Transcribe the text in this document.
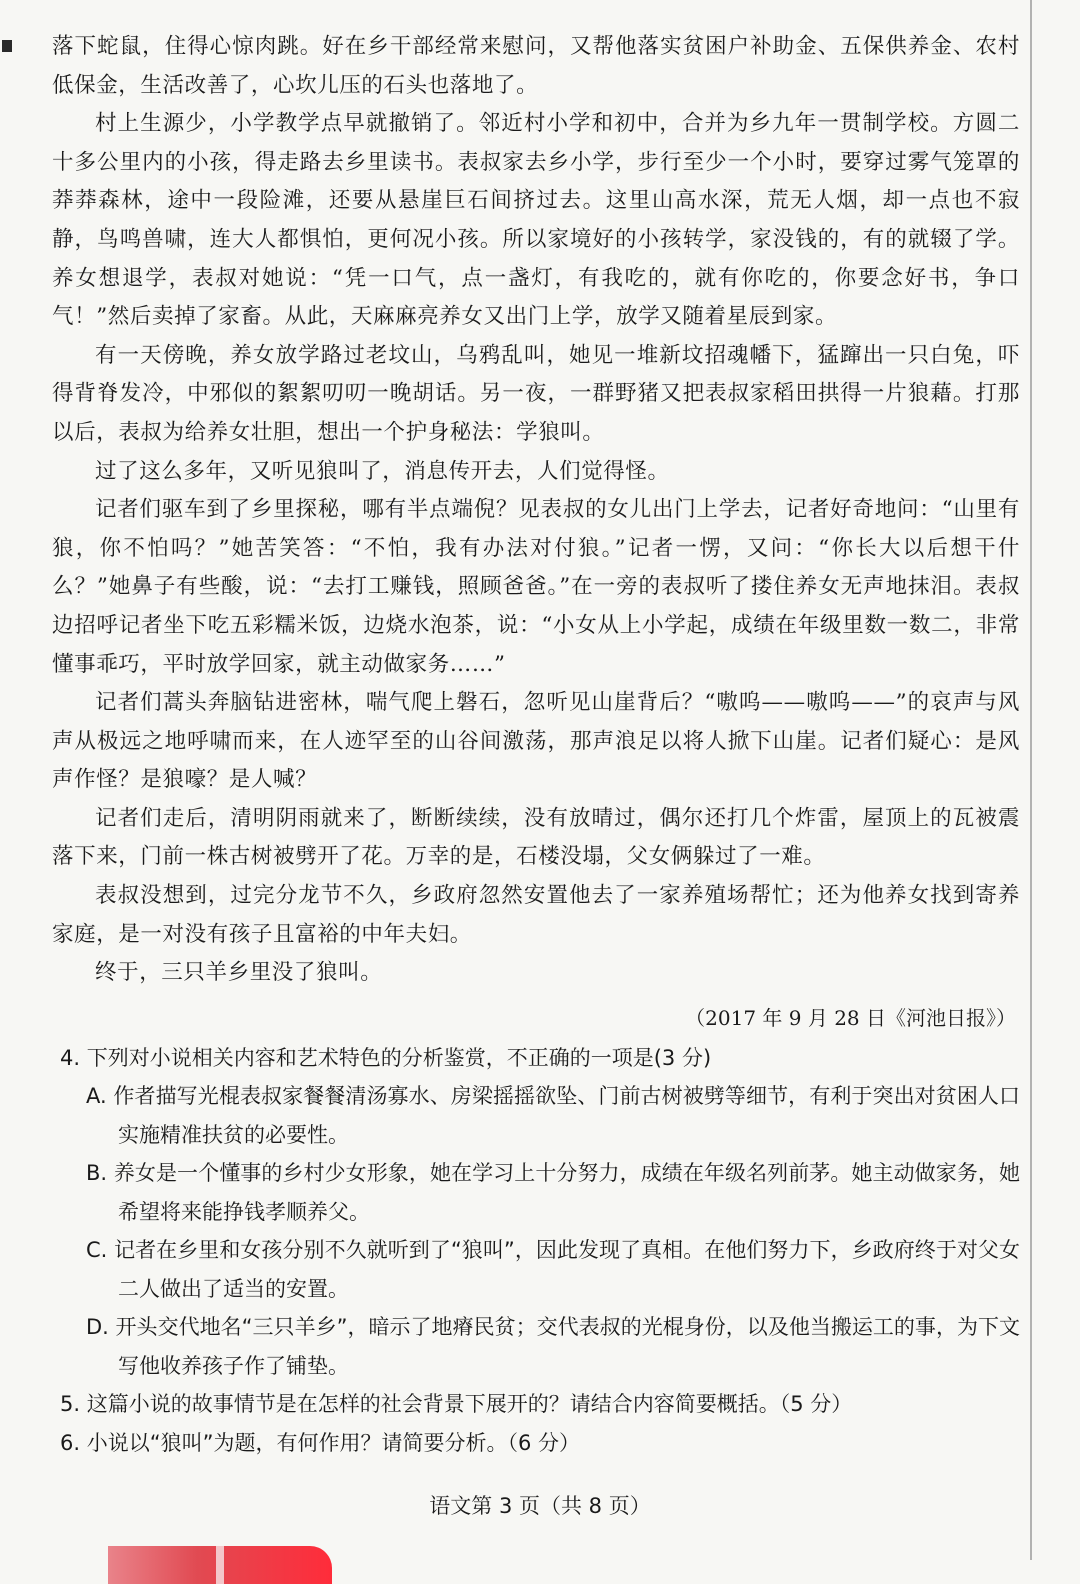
落下蛇鼠，住得心惊肉跳。好在乡干部经常来慰问，又帮他落实贫困户补助金、五保供养金、农村低保金，生活改善了，心坎儿压的石头也落地了。

村上生源少，小学教学点早就撤销了。邻近村小学和初中，合并为乡九年一贯制学校。方圆二十多公里内的小孩，得走路去乡里读书。表叔家去乡小学，步行至少一个小时，要穿过雾气笼罩的莽莽森林，途中一段险滩，还要从悬崖巨石间挤过去。这里山高水深，荒无人烟，却一点也不寂静，鸟鸣兽啸，连大人都惧怕，更何况小孩。所以家境好的小孩转学，家没钱的，有的就辍了学。养女想退学，表叔对她说：“凭一口气，点一盏灯，有我吃的，就有你吃的，你要念好书，争口气！”然后卖掉了家畜。从此，天麻麻亮养女又出门上学，放学又随着星辰到家。

有一天傍晚，养女放学路过老坟山，乌鸦乱叫，她见一堆新坟招魂幡下，猛蹿出一只白兔，吓得背脊发冷，中邪似的絮絮叨叨一晚胡话。另一夜，一群野猪又把表叔家稻田拱得一片狼藉。打那以后，表叔为给养女壮胆，想出一个护身秘法：学狼叫。

过了这么多年，又听见狼叫了，消息传开去，人们觉得怪。

记者们驱车到了乡里探秘，哪有半点端倪？见表叔的女儿出门上学去，记者好奇地问：“山里有狼，你不怕吗？”她苦笑答：“不怕，我有办法对付狼。”记者一愣，又问：“你长大以后想干什么？”她鼻子有些酸，说：“去打工赚钱，照顾爸爸。”在一旁的表叔听了搂住养女无声地抹泪。表叔边招呼记者坐下吃五彩糯米饭，边烧水泡茶，说：“小女从上小学起，成绩在年级里数一数二，非常懂事乖巧，平时放学回家，就主动做家务……”

记者们蒿头奔脑钻进密林，喘气爬上磐石，忽听见山崖背后？“嗷呜——嗷呜——”的哀声与风声从极远之地呼啸而来，在人迹罕至的山谷间激荡，那声浪足以将人掀下山崖。记者们疑心：是风声作怪？是狼嚎？是人喊？

记者们走后，清明阴雨就来了，断断续续，没有放晴过，偶尔还打几个炸雷，屋顶上的瓦被震落下来，门前一株古树被劈开了花。万幸的是，石楼没塌，父女俩躲过了一难。

表叔没想到，过完分龙节不久，乡政府忽然安置他去了一家养殖场帮忙；还为他养女找到寄养家庭，是一对没有孩子且富裕的中年夫妇。

终于，三只羊乡里没了狼叫。

（2017 年 9 月 28 日《河池日报》）

4. 下列对小说相关内容和艺术特色的分析鉴赏，不正确的一项是(3 分)

A. 作者描写光棍表叔家餐餐清汤寡水、房梁摇摇欲坠、门前古树被劈等细节，有利于突出对贫困人口实施精准扶贫的必要性。

B. 养女是一个懂事的乡村少女形象，她在学习上十分努力，成绩在年级名列前茅。她主动做家务，她希望将来能挣钱孝顺养父。

C. 记者在乡里和女孩分别不久就听到了“狼叫”，因此发现了真相。在他们努力下，乡政府终于对父女二人做出了适当的安置。

D. 开头交代地名“三只羊乡”，暗示了地瘠民贫；交代表叔的光棍身份，以及他当搬运工的事，为下文写他收养孩子作了铺垫。

5. 这篇小说的故事情节是在怎样的社会背景下展开的？请结合内容简要概括。（5 分）

6. 小说以“狼叫”为题，有何作用？请简要分析。（6 分）

语文第 3 页（共 8 页）
